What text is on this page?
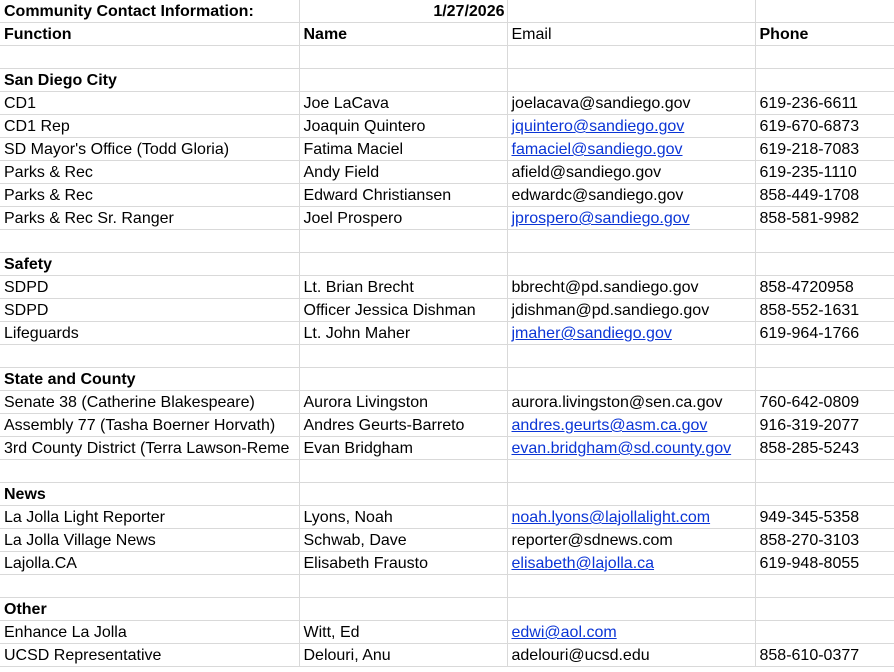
Community Contact Information:	1/27/2026		
Function	Name	Email	Phone

San Diego City			
CD1	Joe LaCava	joelacava@sandiego.gov	619-236-6611
CD1 Rep	Joaquin Quintero	jquintero@sandiego.gov	619-670-6873
SD Mayor's Office (Todd Gloria)	Fatima Maciel	famaciel@sandiego.gov	619-218-7083
Parks & Rec	Andy Field	afield@sandiego.gov	619-235-1110
Parks & Rec	Edward Christiansen	edwardc@sandiego.gov	858-449-1708
Parks & Rec Sr. Ranger	Joel Prospero	jprospero@sandiego.gov	858-581-9982

Safety			
SDPD	Lt. Brian Brecht	bbrecht@pd.sandiego.gov	858-4720958
SDPD	Officer Jessica Dishman	jdishman@pd.sandiego.gov	858-552-1631
Lifeguards	Lt. John Maher	jmaher@sandiego.gov	619-964-1766

State and County			
Senate 38 (Catherine Blakespeare)	Aurora Livingston	aurora.livingston@sen.ca.gov	760-642-0809
Assembly 77 (Tasha Boerner Horvath)	Andres Geurts-Barreto	andres.geurts@asm.ca.gov	916-319-2077
3rd County District (Terra Lawson-Reme	Evan Bridgham	evan.bridgham@sd.county.gov	858-285-5243

News			
La Jolla Light Reporter	Lyons, Noah	noah.lyons@lajollalight.com	949-345-5358
La Jolla Village News	Schwab, Dave	reporter@sdnews.com	858-270-3103
Lajolla.CA	Elisabeth Frausto	elisabeth@lajolla.ca	619-948-8055

Other			
Enhance La Jolla	Witt, Ed	edwi@aol.com	
UCSD Representative	Delouri, Anu	adelouri@ucsd.edu	858-610-0377
